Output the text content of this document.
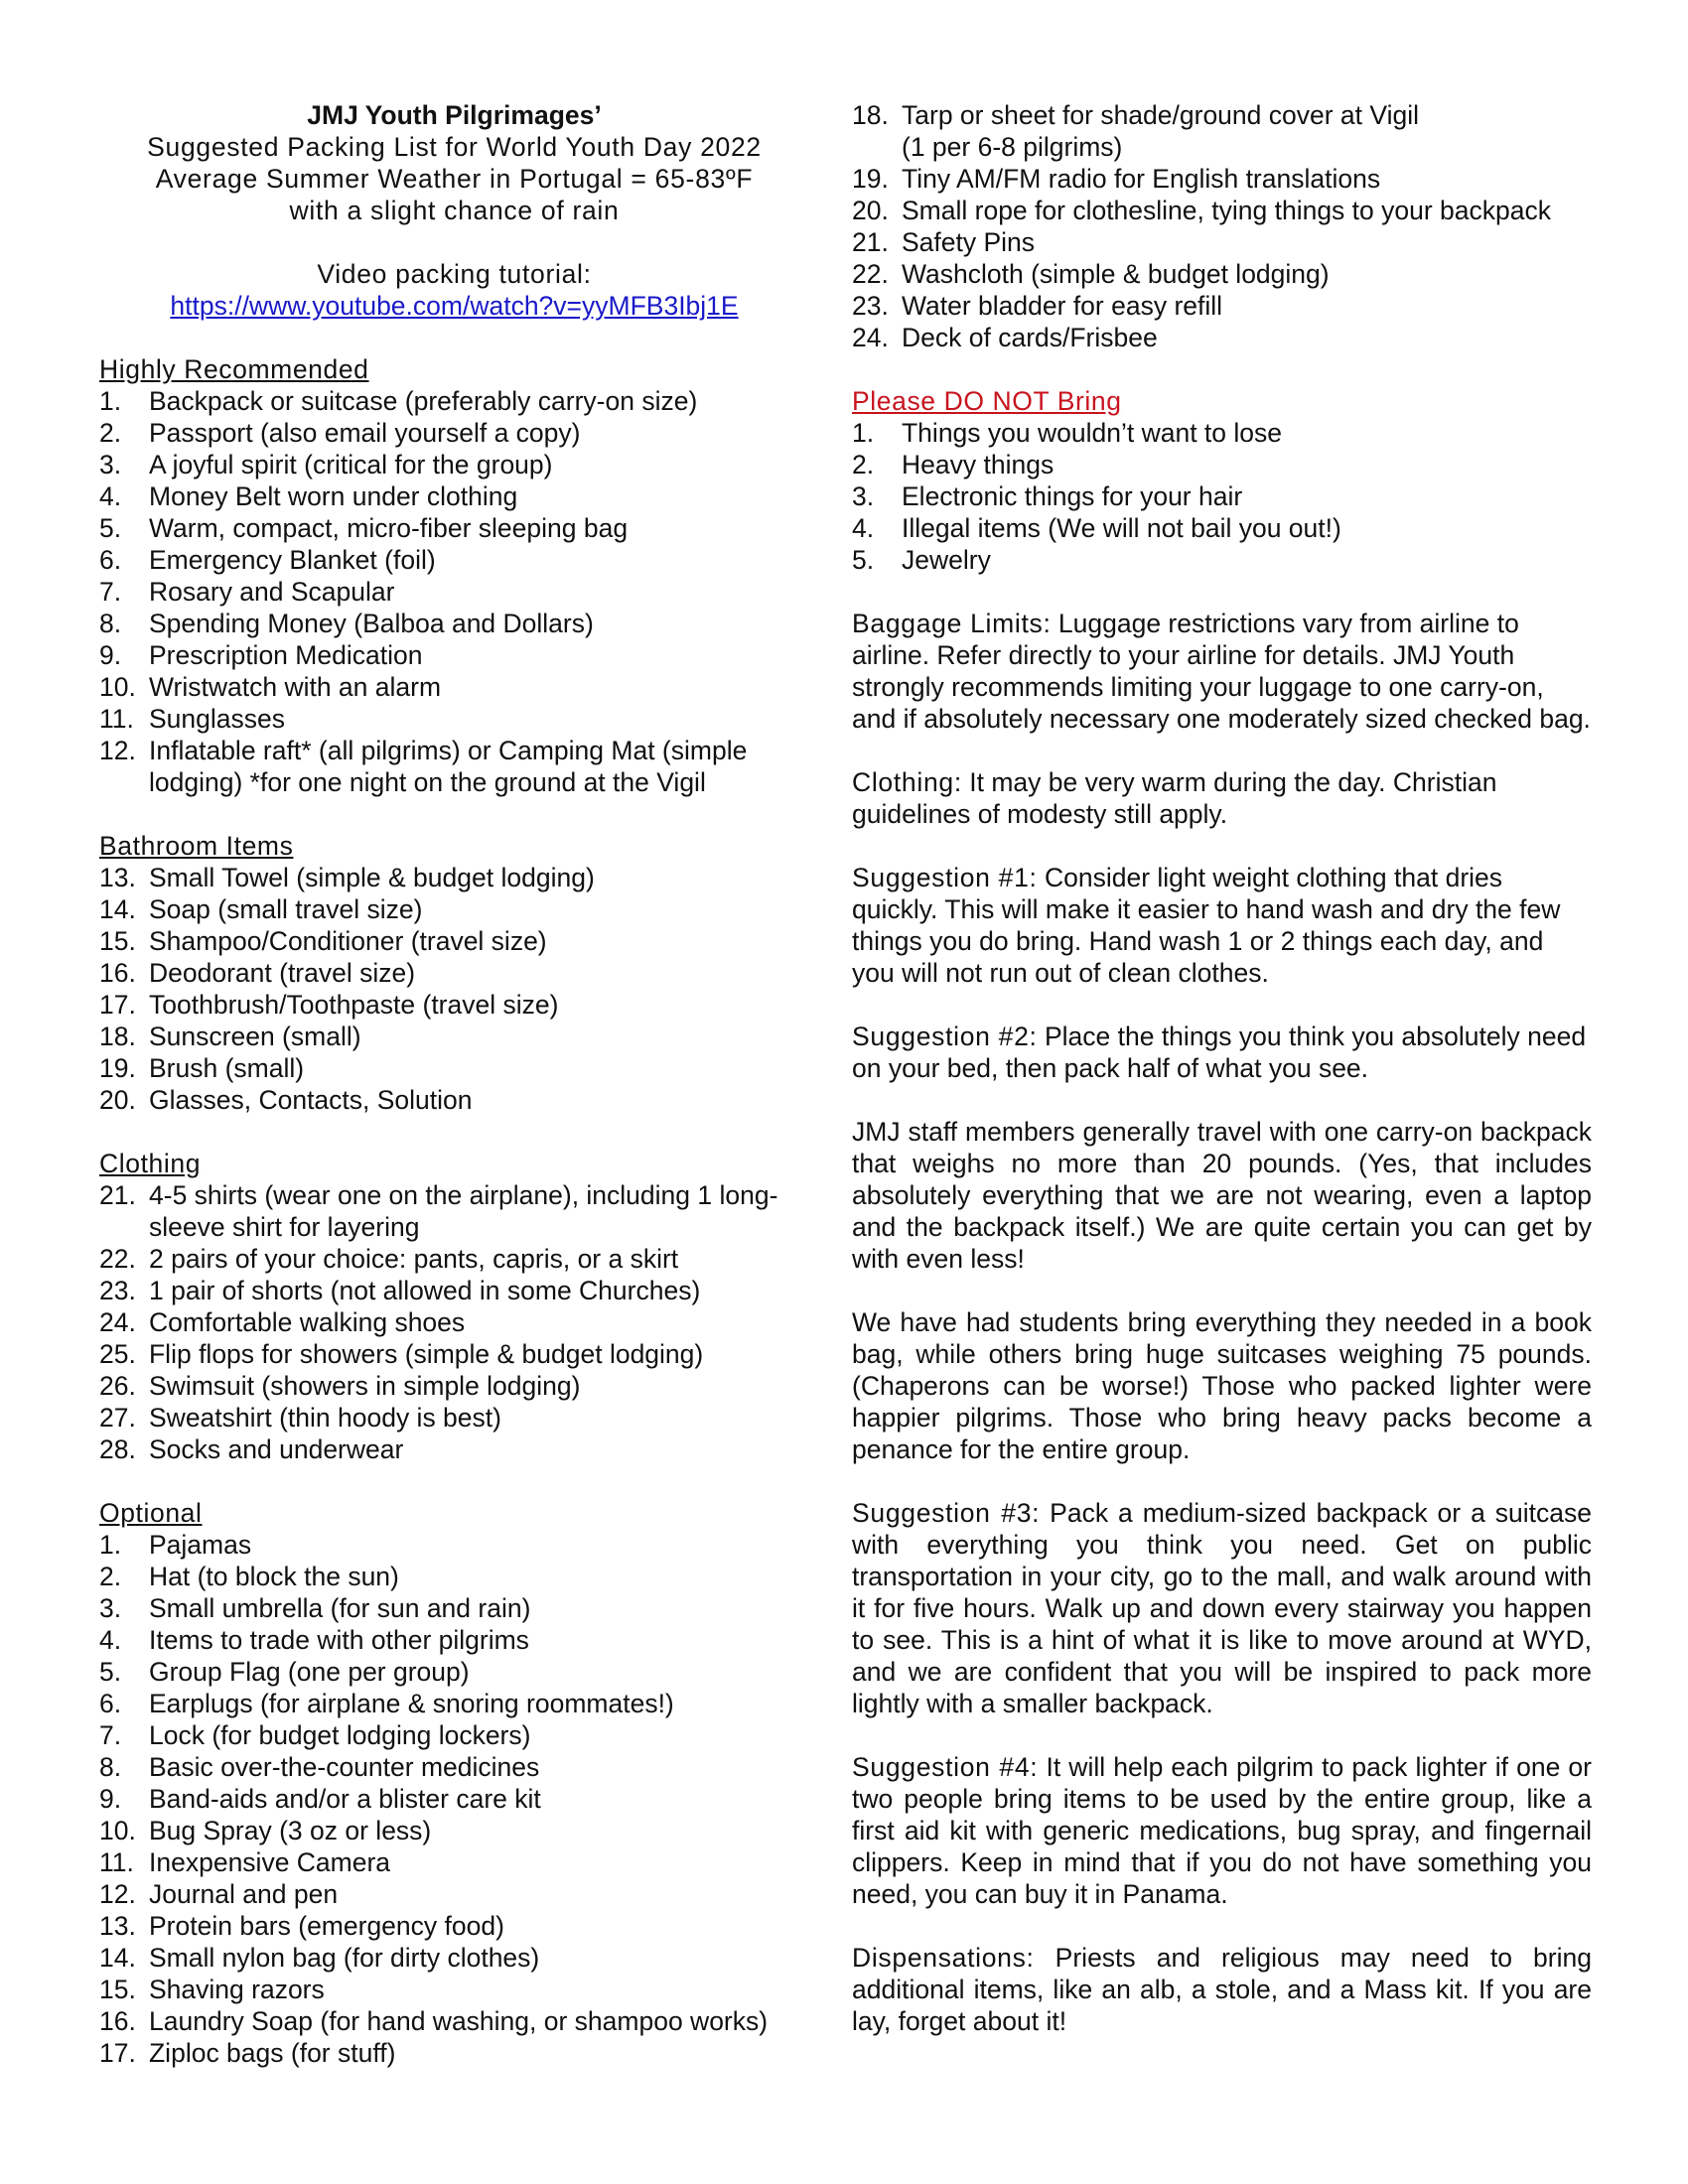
JMJ Youth Pilgrimages’
Suggested Packing List for World Youth Day 2022
Average Summer Weather in Portugal = 65-83ºF
with a slight chance of rain
Video packing tutorial:
https://www.youtube.com/watch?v=yyMFB3Ibj1E
Highly Recommended
1.	Backpack or suitcase (preferably carry-on size)
2.	Passport (also email yourself a copy)
3.	A joyful spirit (critical for the group)
4.	Money Belt worn under clothing
5.	Warm, compact, micro-fiber sleeping bag
6.	Emergency Blanket (foil)
7.	Rosary and Scapular
8.	Spending Money (Balboa and Dollars)
9.	Prescription Medication
10. Wristwatch with an alarm
11. Sunglasses
12. Inflatable raft* (all pilgrims) or Camping Mat (simple lodging) *for one night on the ground at the Vigil
Bathroom Items
13. Small Towel (simple & budget lodging)
14. Soap (small travel size)
15. Shampoo/Conditioner (travel size)
16. Deodorant (travel size)
17. Toothbrush/Toothpaste (travel size)
18. Sunscreen (small)
19. Brush (small)
20. Glasses, Contacts, Solution
Clothing
21. 4-5 shirts (wear one on the airplane), including 1 long-sleeve shirt for layering
22. 2 pairs of your choice: pants, capris, or a skirt
23. 1 pair of shorts (not allowed in some Churches)
24. Comfortable walking shoes
25. Flip flops for showers (simple & budget lodging)
26. Swimsuit (showers in simple lodging)
27. Sweatshirt (thin hoody is best)
28. Socks and underwear
Optional
1.	Pajamas
2.	Hat (to block the sun)
3.	Small umbrella (for sun and rain)
4.	Items to trade with other pilgrims
5.	Group Flag (one per group)
6.	Earplugs (for airplane & snoring roommates!)
7.	Lock (for budget lodging lockers)
8.	Basic over-the-counter medicines
9.	Band-aids and/or a blister care kit
10. Bug Spray (3 oz or less)
11. Inexpensive Camera
12. Journal and pen
13. Protein bars (emergency food)
14. Small nylon bag (for dirty clothes)
15. Shaving razors
16. Laundry Soap (for hand washing, or shampoo works)
17. Ziploc bags (for stuff)
18. Tarp or sheet for shade/ground cover at Vigil
(1 per 6-8 pilgrims)
19. Tiny AM/FM radio for English translations
20. Small rope for clothesline, tying things to your backpack
21. Safety Pins
22. Washcloth (simple & budget lodging)
23. Water bladder for easy refill
24. Deck of cards/Frisbee
Please DO NOT Bring
1.	Things you wouldn’t want to lose
2.	Heavy things
3.	Electronic things for your hair
4.	Illegal items (We will not bail you out!)
5.	Jewelry

Baggage Limits: Luggage restrictions vary from airline to airline. Refer directly to your airline for details. JMJ Youth strongly recommends limiting your luggage to one carry-on, and if absolutely necessary one moderately sized checked bag.

Clothing: It may be very warm during the day. Christian guidelines of modesty still apply.

Suggestion #1: Consider light weight clothing that dries quickly. This will make it easier to hand wash and dry the few things you do bring. Hand wash 1 or 2 things each day, and you will not run out of clean clothes.

Suggestion #2: Place the things you think you absolutely need on your bed, then pack half of what you see.

JMJ staff members generally travel with one carry-on backpack that weighs no more than 20 pounds. (Yes, that includes absolutely everything that we are not wearing, even a laptop and the backpack itself.) We are quite certain you can get by with even less!

We have had students bring everything they needed in a book bag, while others bring huge suitcases weighing 75 pounds. (Chaperons can be worse!) Those who packed lighter were happier pilgrims. Those who bring heavy packs become a penance for the entire group.

Suggestion #3: Pack a medium-sized backpack or a suitcase with everything you think you need. Get on public transportation in your city, go to the mall, and walk around with it for five hours. Walk up and down every stairway you happen to see. This is a hint of what it is like to move around at WYD, and we are confident that you will be inspired to pack more lightly with a smaller backpack.

Suggestion #4: It will help each pilgrim to pack lighter if one or two people bring items to be used by the entire group, like a first aid kit with generic medications, bug spray, and fingernail clippers. Keep in mind that if you do not have something you need, you can buy it in Panama.

Dispensations: Priests and religious may need to bring additional items, like an alb, a stole, and a Mass kit. If you are lay, forget about it!
